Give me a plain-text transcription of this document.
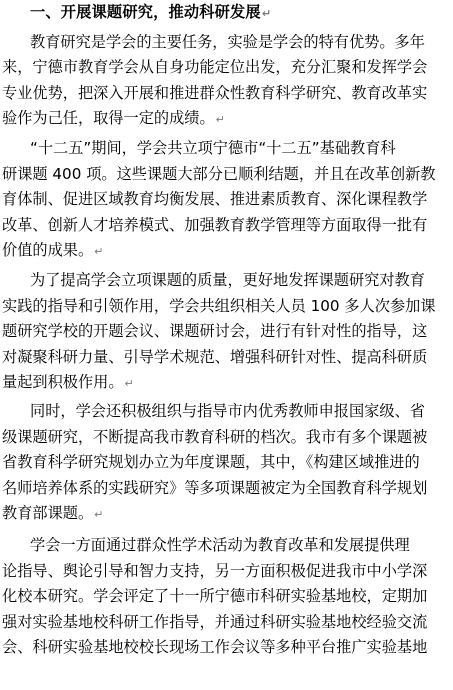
一、开展课题研究，推动科研发展↵
教育研究是学会的主要任务，实验是学会的特有优势。多年
来，宁德市教育学会从自身功能定位出发，充分汇聚和发挥学会
专业优势，把深入开展和推进群众性教育科学研究、教育改革实
验作为己任，取得一定的成绩。↵
“十二五”期间，学会共立项宁德市“十二五”基础教育科
研课题 400 项。这些课题大部分已顺利结题，并且在改革创新教
育体制、促进区域教育均衡发展、推进素质教育、深化课程教学
改革、创新人才培养模式、加强教育教学管理等方面取得一批有
价值的成果。↵
为了提高学会立项课题的质量，更好地发挥课题研究对教育
实践的指导和引领作用，学会共组织相关人员 100 多人次参加课
题研究学校的开题会议、课题研讨会，进行有针对性的指导，这
对凝聚科研力量、引导学术规范、增强科研针对性、提高科研质
量起到积极作用。↵
同时，学会还积极组织与指导市内优秀教师申报国家级、省
级课题研究，不断提高我市教育科研的档次。我市有多个课题被
省教育科学研究规划办立为年度课题，其中，《构建区域推进的
名师培养体系的实践研究》等多项课题被定为全国教育科学规划
教育部课题。↵
学会一方面通过群众性学术活动为教育改革和发展提供理
论指导、舆论引导和智力支持，另一方面积极促进我市中小学深
化校本研究。学会评定了十一所宁德市科研实验基地校，定期加
强对实验基地校科研工作指导，并通过科研实验基地校经验交流
会、科研实验基地校校长现场工作会议等多种平台推广实验基地
